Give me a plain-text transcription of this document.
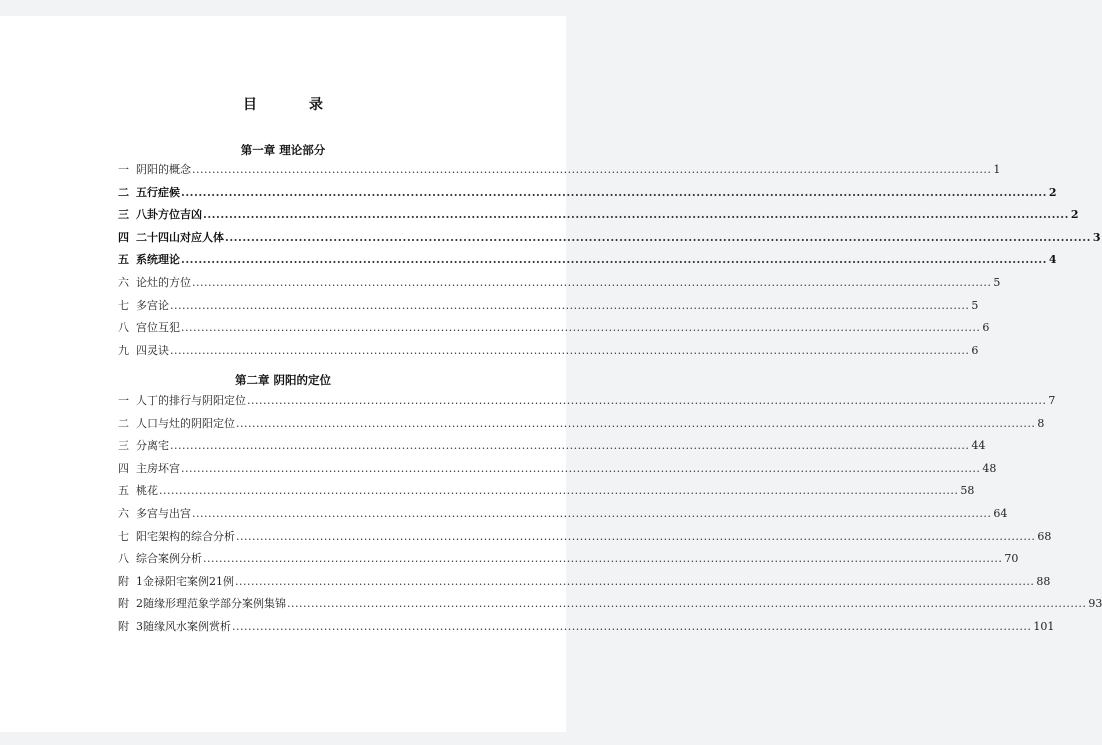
目	录
第一章 理论部分
一 阴阳的概念 ........................................................................................................................................................................................................ 1
二 五行症候 ........................................................................................................................................................................................................ 2
三 八卦方位吉凶 ........................................................................................................................................................................................................ 2
四 二十四山对应人体 ........................................................................................................................................................................................................ 3
五 系统理论 ........................................................................................................................................................................................................ 4
六 论灶的方位 ........................................................................................................................................................................................................ 5
七 多宫论 ........................................................................................................................................................................................................ 5
八 宫位互犯 ........................................................................................................................................................................................................ 6
九 四灵诀 ........................................................................................................................................................................................................ 6
第二章 阴阳的定位
一 人丁的排行与阴阳定位 ........................................................................................................................................................................................................ 7
二 人口与灶的阴阳定位 ........................................................................................................................................................................................................ 8
三 分离宅 ........................................................................................................................................................................................................ 44
四 主房坏宫 ........................................................................................................................................................................................................ 48
五 桃花 ........................................................................................................................................................................................................ 58
六 多宫与出宫 ........................................................................................................................................................................................................ 64
七 阳宅架构的综合分析 ........................................................................................................................................................................................................ 68
八 综合案例分析 ........................................................................................................................................................................................................ 70
附 1金禄阳宅案例21例 ........................................................................................................................................................................................................ 88
附 2随缘形理范象学部分案例集锦 ........................................................................................................................................................................................................ 93
附 3随缘风水案例赏析 ........................................................................................................................................................................................................ 101
